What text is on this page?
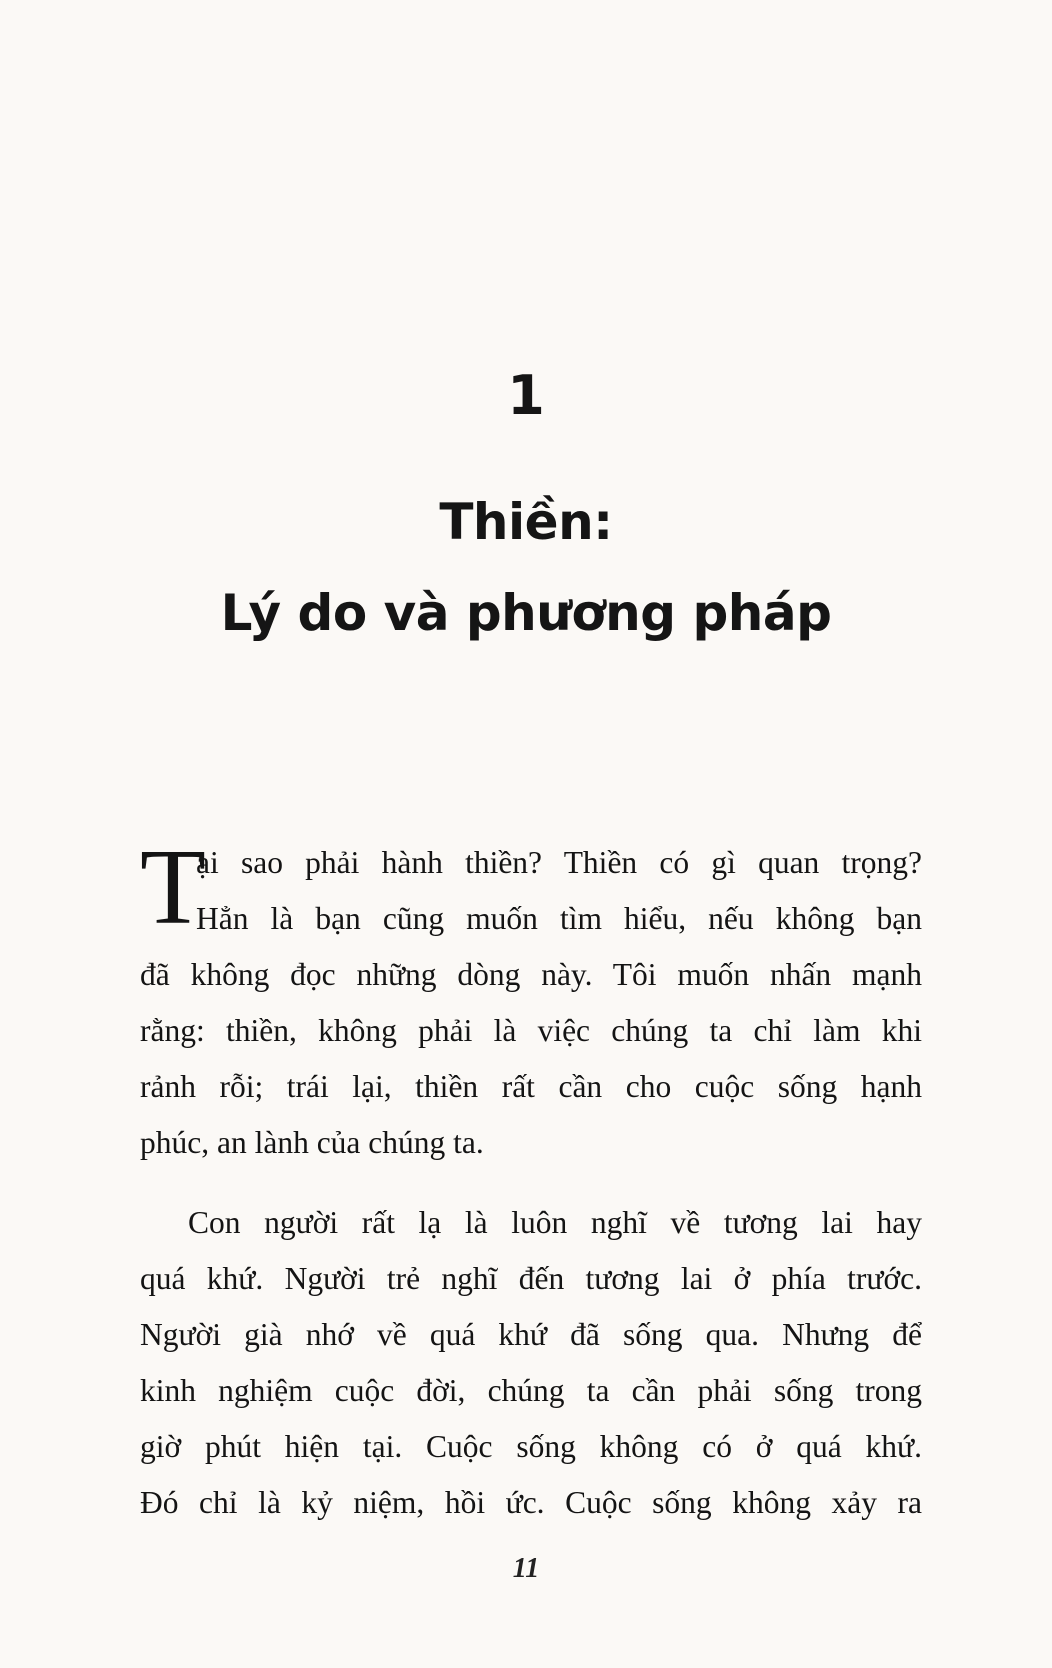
1
Thiền:
Lý do và phương pháp
T
ại sao phải hành thiền? Thiền có gì quan trọng?
Hẳn là bạn cũng muốn tìm hiểu, nếu không bạn
đã không đọc những dòng này. Tôi muốn nhấn mạnh
rằng: thiền, không phải là việc chúng ta chỉ làm khi
rảnh rỗi; trái lại, thiền rất cần cho cuộc sống hạnh
phúc, an lành của chúng ta.
Con người rất lạ là luôn nghĩ về tương lai hay
quá khứ. Người trẻ nghĩ đến tương lai ở phía trước.
Người già nhớ về quá khứ đã sống qua. Nhưng để
kinh nghiệm cuộc đời, chúng ta cần phải sống trong
giờ phút hiện tại. Cuộc sống không có ở quá khứ.
Đó chỉ là kỷ niệm, hồi ức. Cuộc sống không xảy ra
11
